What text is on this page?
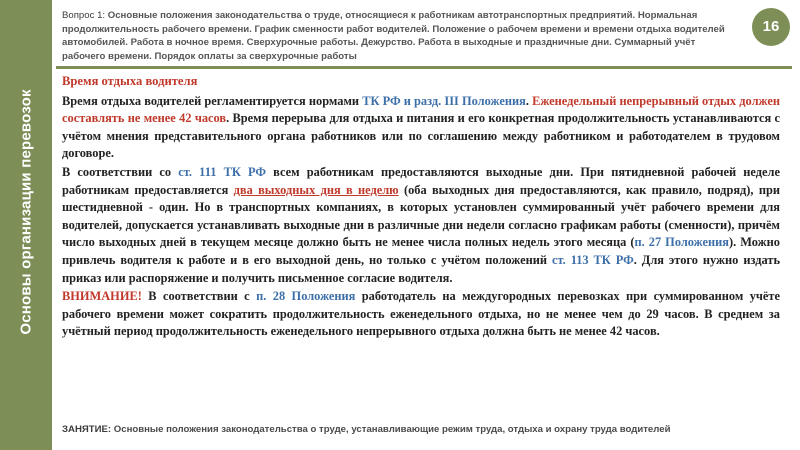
Основы организации перевозок
Вопрос 1: Основные положения законодательства о труде, относящиеся к работникам автотранспортных предприятий. Нормальная продолжительность рабочего времени. График сменности работ водителей. Положение о рабочем времени и времени отдыха водителей автомобилей. Работа в ночное время. Сверхурочные работы. Дежурство. Работа в выходные и праздничные дни. Суммарный учёт рабочего времени. Порядок оплаты за сверхурочные работы
16
Время отдыха водителя
Время отдыха водителей регламентируется нормами ТК РФ и разд. III Положения. Еженедельный непрерывный отдых должен составлять не менее 42 часов. Время перерыва для отдыха и питания и его конкретная продолжительность устанавливаются с учётом мнения представительного органа работников или по соглашению между работником и работодателем в трудовом договоре.
В соответствии со ст. 111 ТК РФ всем работникам предоставляются выходные дни. При пятидневной рабочей неделе работникам предоставляется два выходных дня в неделю (оба выходных дня предоставляются, как правило, подряд), при шестидневной - один. Но в транспортных компаниях, в которых установлен суммированный учёт рабочего времени для водителей, допускается устанавливать выходные дни в различные дни недели согласно графикам работы (сменности), причём число выходных дней в текущем месяце должно быть не менее числа полных недель этого месяца (п. 27 Положения). Можно привлечь водителя к работе и в его выходной день, но только с учётом положений ст. 113 ТК РФ. Для этого нужно издать приказ или распоряжение и получить письменное согласие водителя.
ВНИМАНИЕ! В соответствии с п. 28 Положения работодатель на междугородных перевозках при суммированном учёте рабочего времени может сократить продолжительность еженедельного отдыха, но не менее чем до 29 часов. В среднем за учётный период продолжительность еженедельного непрерывного отдыха должна быть не менее 42 часов.
ЗАНЯТИЕ: Основные положения законодательства о труде, устанавливающие режим труда, отдыха и охрану труда водителей
